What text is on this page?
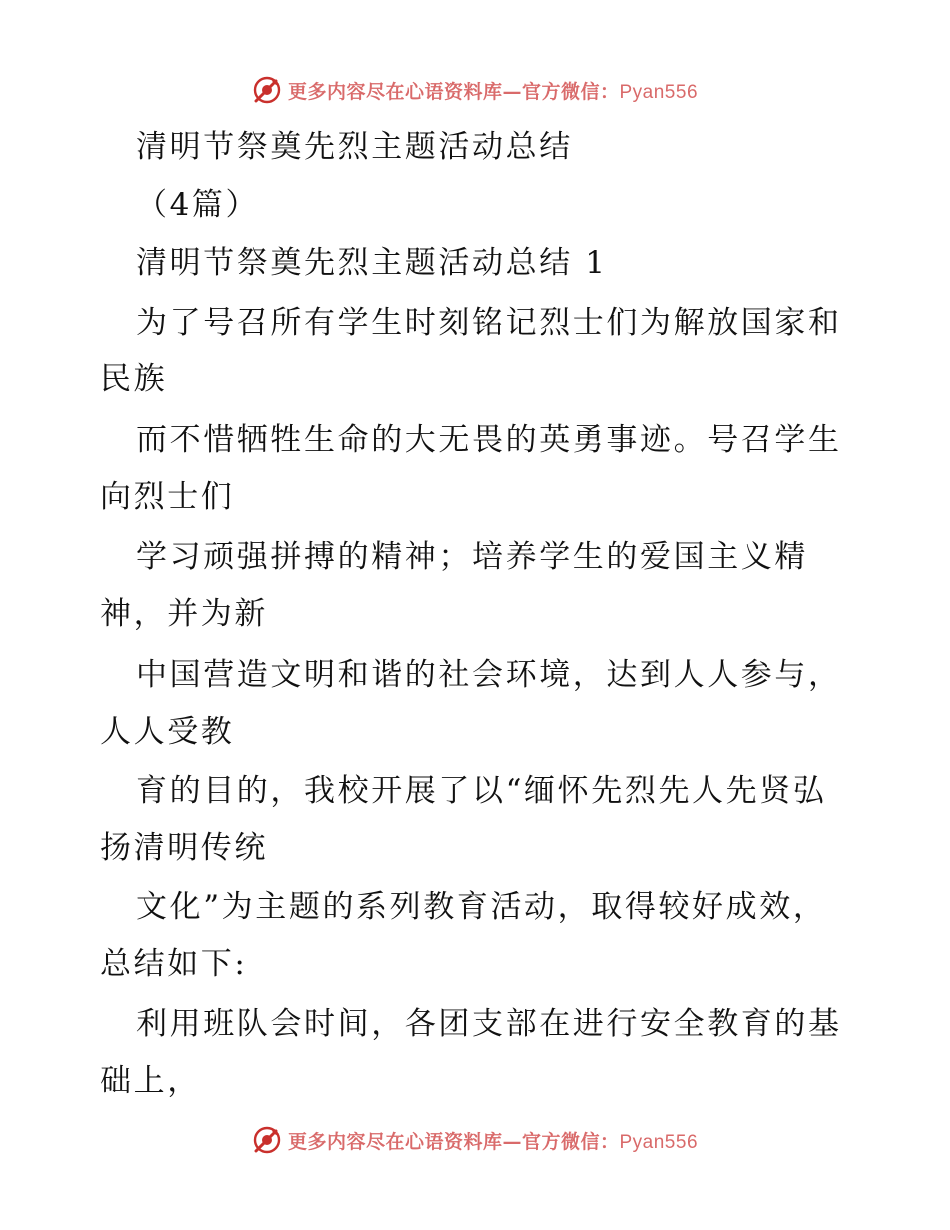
更多内容尽在心语资料库—官方微信：Pyan556
清明节祭奠先烈主题活动总结
（4篇）
清明节祭奠先烈主题活动总结 1
为了号召所有学生时刻铭记烈士们为解放国家和
民族
而不惜牺牲生命的大无畏的英勇事迹。号召学生
向烈士们
学习顽强拼搏的精神；培养学生的爱国主义精
神，并为新
中国营造文明和谐的社会环境，达到人人参与，
人人受教
育的目的，我校开展了以“缅怀先烈先人先贤弘
扬清明传统
文化”为主题的系列教育活动，取得较好成效，
总结如下:
利用班队会时间，各团支部在进行安全教育的基
础上，
更多内容尽在心语资料库—官方微信：Pyan556
